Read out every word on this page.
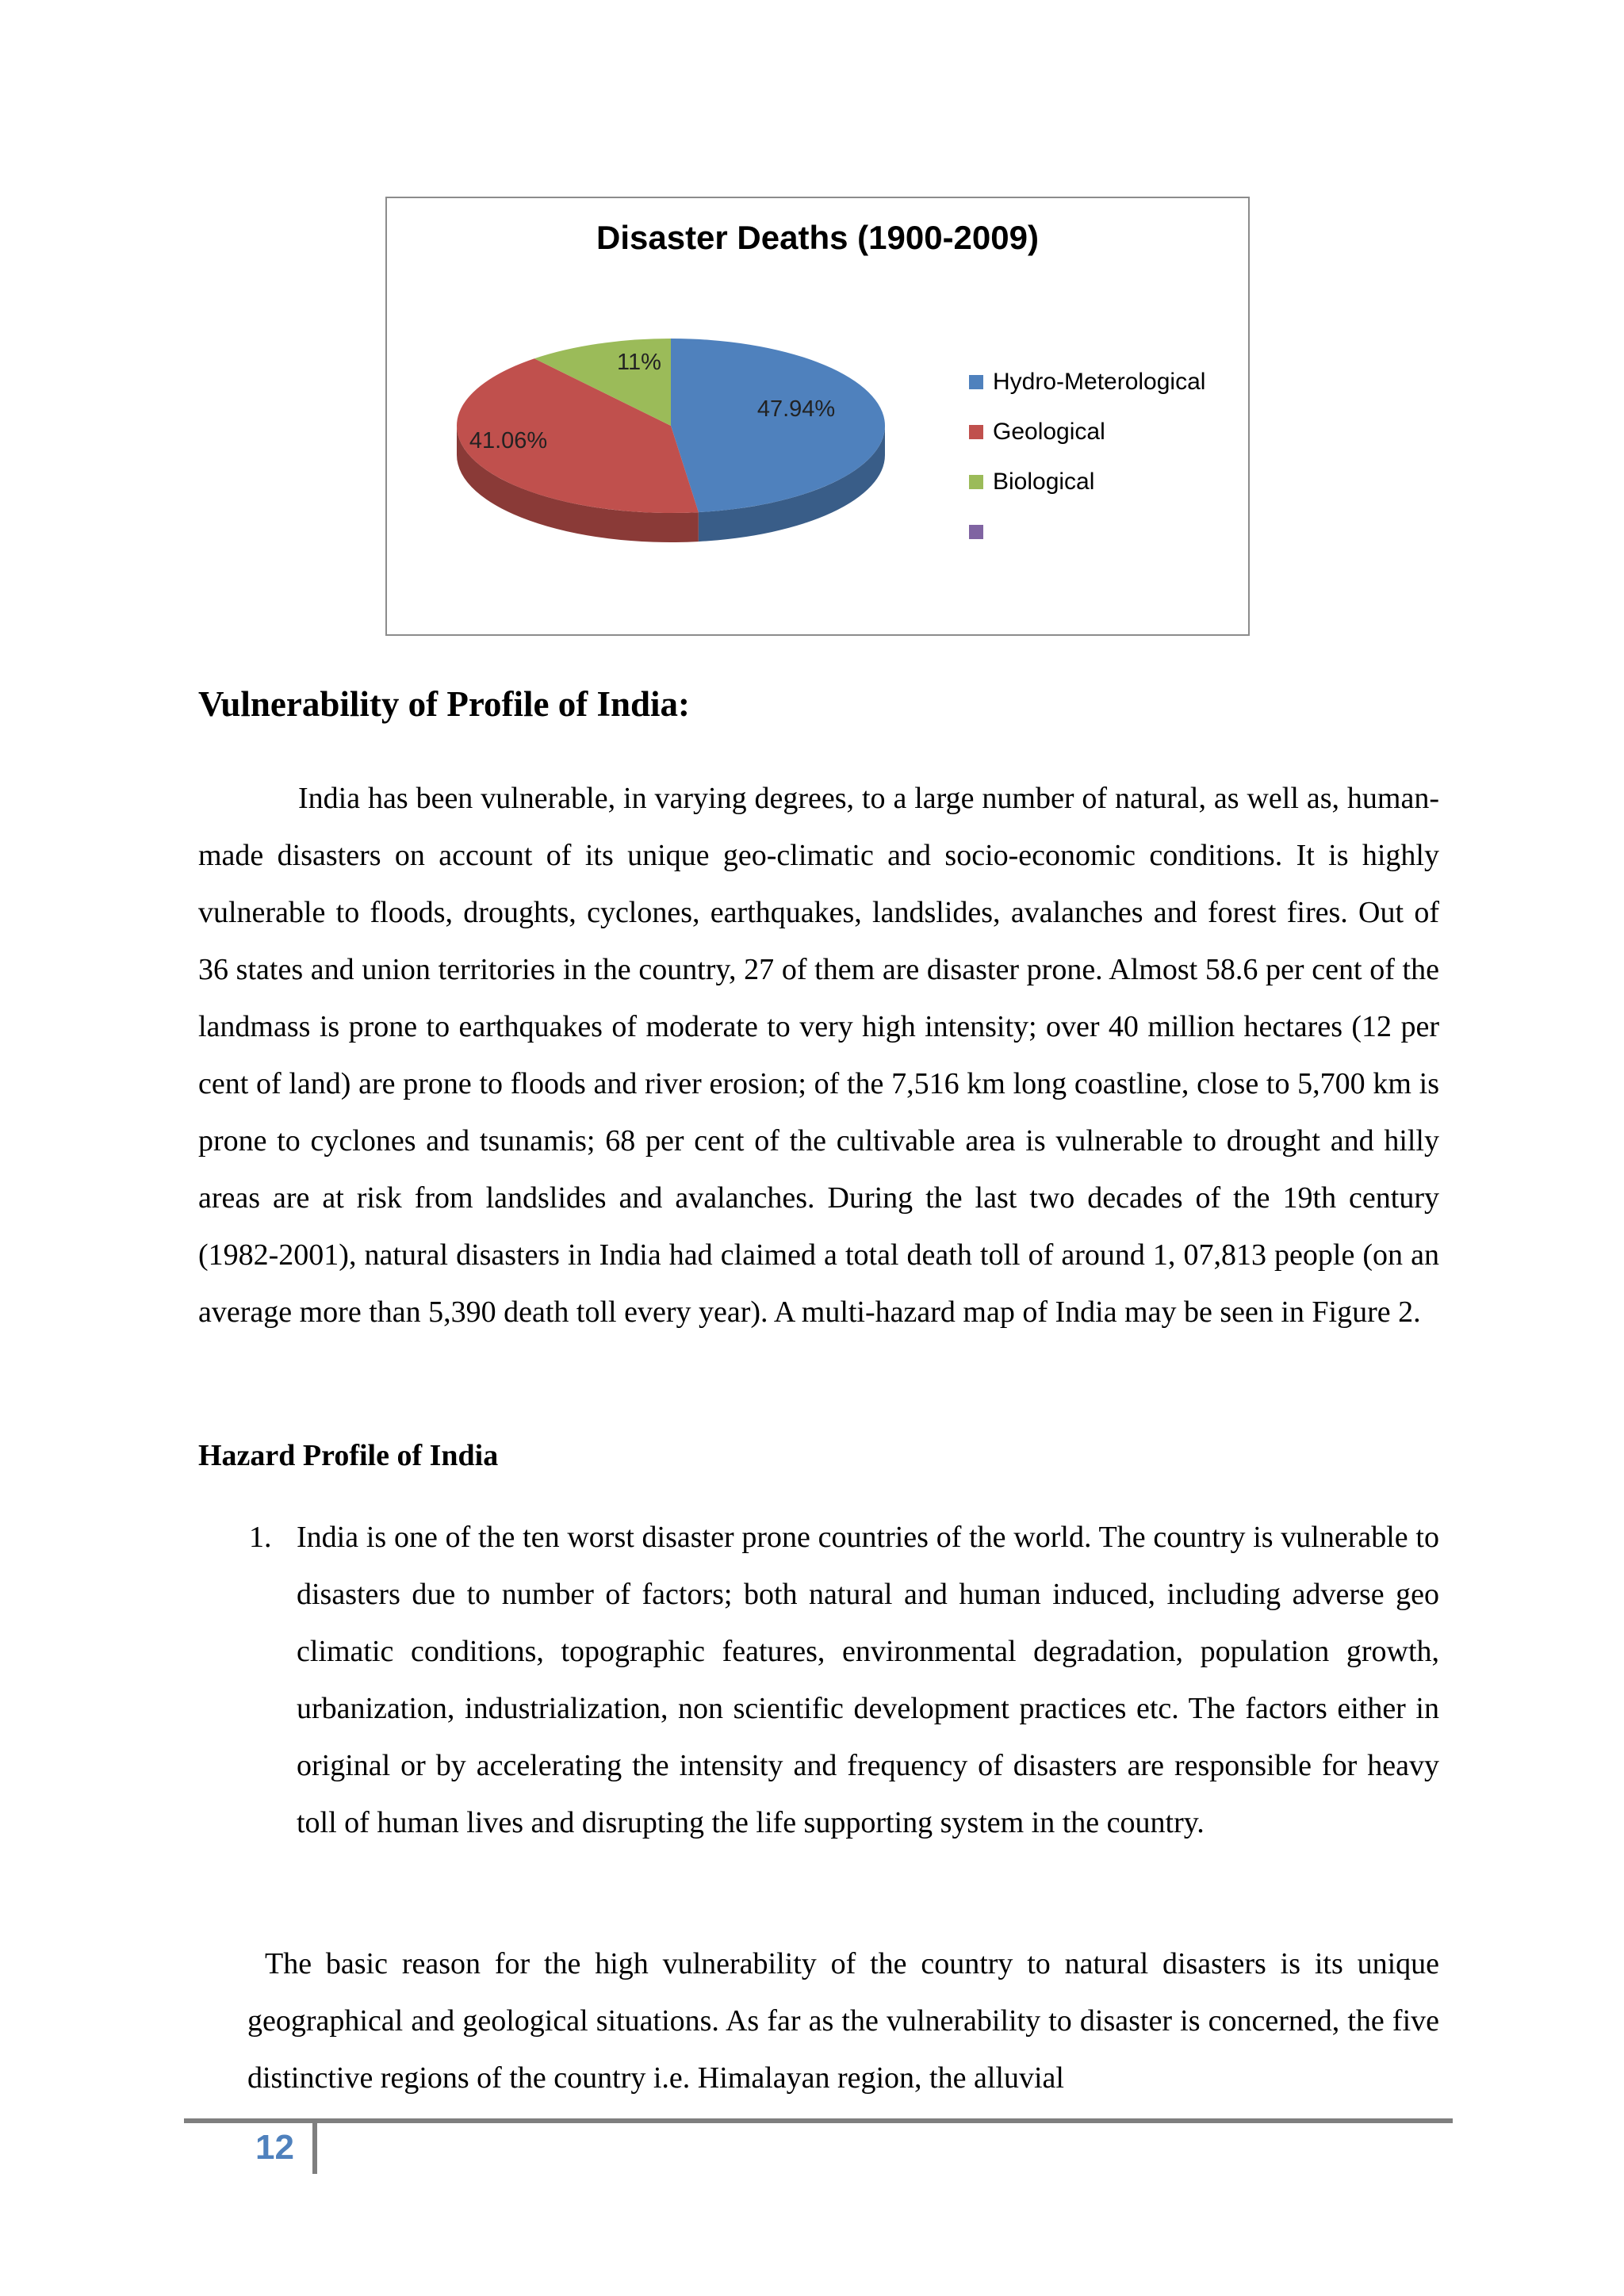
47.94%
41.06%
11%
Disaster Deaths (1900-2009)
Hydro-Meterological
Geological
Biological
Vulnerability of Profile of India:

India has been vulnerable, in varying degrees, to a large number of natural, as well as, human-made disasters on account of its unique geo-climatic and socio-economic conditions. It is highly vulnerable to floods, droughts, cyclones, earthquakes, landslides, avalanches and forest fires. Out of 36 states and union territories in the country, 27 of them are disaster prone. Almost 58.6 per cent of the landmass is prone to earthquakes of moderate to very high intensity; over 40 million hectares (12 per cent of land) are prone to floods and river erosion; of the 7,516 km long coastline, close to 5,700 km is prone to cyclones and tsunamis; 68 per cent of the cultivable area is vulnerable to drought and hilly areas are at risk from landslides and avalanches. During the last two decades of the 19th century (1982-2001), natural disasters in India had claimed a total death toll of around 1, 07,813 people (on an average more than 5,390 death toll every year). A multi-hazard map of India may be seen in Figure 2.

Hazard Profile of India
1. India is one of the ten worst disaster prone countries of the world. The country is vulnerable to disasters due to number of factors; both natural and human induced, including adverse geo climatic conditions, topographic features, environmental degradation, population growth, urbanization, industrialization, non scientific development practices etc. The factors either in original or by accelerating the intensity and frequency of disasters are responsible for heavy toll of human lives and disrupting the life supporting system in the country.

The basic reason for the high vulnerability of the country to natural disasters is its unique geographical and geological situations. As far as the vulnerability to disaster is concerned, the five distinctive regions of the country i.e. Himalayan region, the alluvial

12
